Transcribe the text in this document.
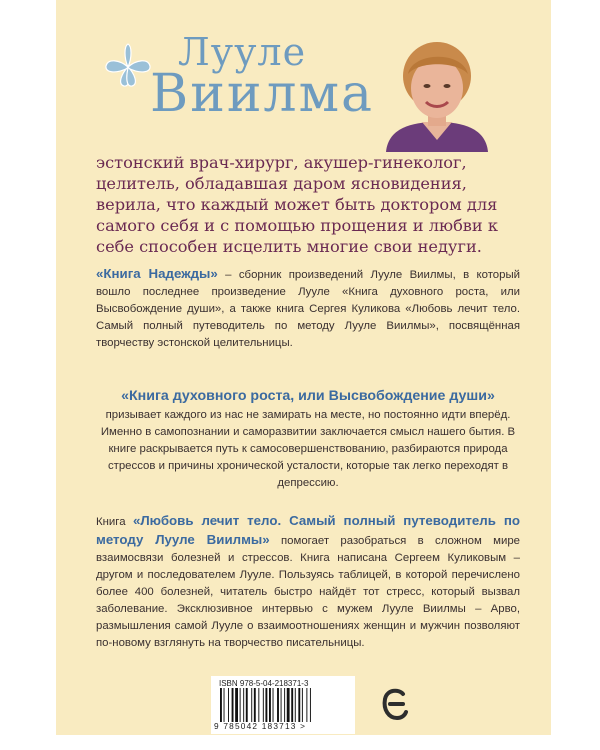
Лууле
Виилма
эстонский врач-хирург, акушер-гинеколог, целитель, обладавшая даром ясновидения, верила, что каждый может быть доктором для самого себя и с помощью прощения и любви к себе способен исцелить многие свои недуги.
«Книга Надежды» – сборник произведений Лууле Виилмы, в который вошло последнее произведение Лууле «Книга духовного роста, или Высвобождение души», а также книга Сергея Куликова «Любовь лечит тело. Самый полный путеводитель по методу Лууле Виилмы», посвящённая творчеству эстонской целительницы.
«Книга духовного роста, или Высвобождение души»
призывает каждого из нас не замирать на месте, но постоянно идти вперёд. Именно в самопознании и саморазвитии заключается смысл нашего бытия. В книге раскрывается путь к самосовершенствованию, разбираются природа стрессов и причины хронической усталости, которые так легко переходят в депрессию.
Книга «Любовь лечит тело. Самый полный путеводитель по методу Лууле Виилмы» помогает разобраться в сложном мире взаимосвязи болезней и стрессов. Книга написана Сергеем Куликовым – другом и последователем Лууле. Пользуясь таблицей, в которой перечислено более 400 болезней, читатель быстро найдёт тот стресс, который вызвал заболевание. Эксклюзивное интервью с мужем Лууле Виилмы – Арво, размышления самой Лууле о взаимоотношениях женщин и мужчин позволяют по-новому взглянуть на творчество писательницы.
ISBN 978-5-04-218371-3
9 785042 183713 >
